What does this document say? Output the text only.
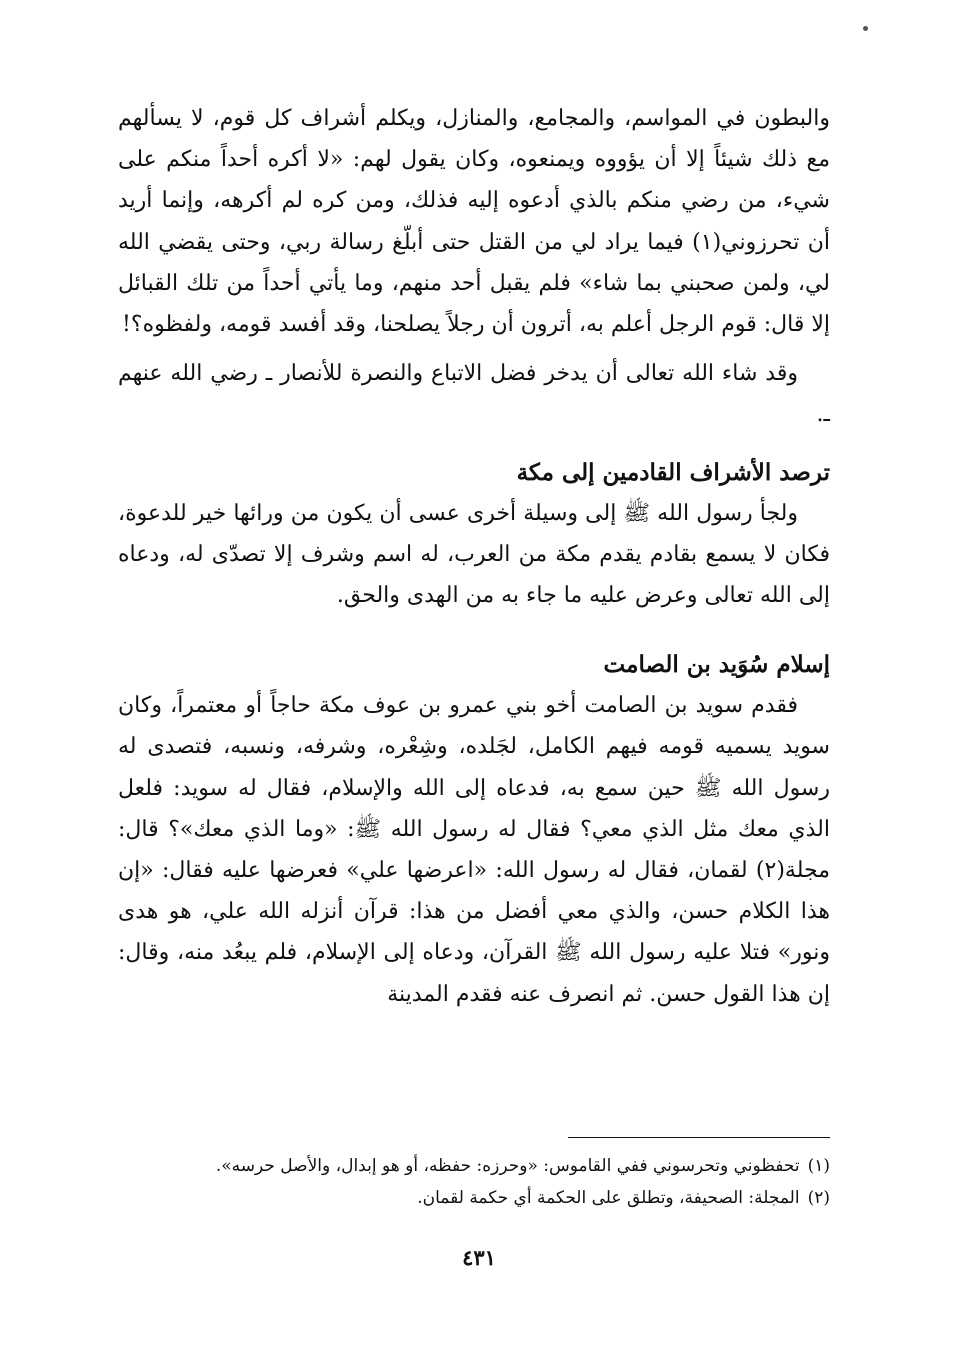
والبطون في المواسم، والمجامع، والمنازل، ويكلم أشراف كل قوم، لا يسألهم مع ذلك شيئاً إلا أن يؤووه ويمنعوه، وكان يقول لهم: «لا أكره أحداً منكم على شيء، من رضي منكم بالذي أدعوه إليه فذلك، ومن كره لم أكرهه، وإنما أريد أن تحرزوني(١) فيما يراد لي من القتل حتى أبلّغ رسالة ربي، وحتى يقضي الله لي، ولمن صحبني بما شاء» فلم يقبل أحد منهم، وما يأتي أحداً من تلك القبائل إلا قال: قوم الرجل أعلم به، أترون أن رجلاً يصلحنا، وقد أفسد قومه، ولفظوه؟!

وقد شاء الله تعالى أن يدخر فضل الاتباع والنصرة للأنصار ـ رضي الله عنهم ـ.

ترصد الأشراف القادمين إلى مكة

ولجأ رسول الله ﷺ إلى وسيلة أخرى عسى أن يكون من ورائها خير للدعوة، فكان لا يسمع بقادم يقدم مكة من العرب، له اسم وشرف إلا تصدّى له، ودعاه إلى الله تعالى وعرض عليه ما جاء به من الهدى والحق.

إسلام سُوَيد بن الصامت

فقدم سويد بن الصامت أخو بني عمرو بن عوف مكة حاجاً أو معتمراً، وكان سويد يسميه قومه فيهم الكامل، لجَلده، وشِعْره، وشرفه، ونسبه، فتصدى له رسول الله ﷺ حين سمع به، فدعاه إلى الله والإسلام، فقال له سويد: فلعل الذي معك مثل الذي معي؟ فقال له رسول الله ﷺ: «وما الذي معك»؟ قال: مجلة(٢) لقمان، فقال له رسول الله: «اعرضها علي» فعرضها عليه فقال: «إن هذا الكلام حسن، والذي معي أفضل من هذا: قرآن أنزله الله علي، هو هدى ونور» فتلا عليه رسول الله ﷺ القرآن، ودعاه إلى الإسلام، فلم يبعُد منه، وقال: إن هذا القول حسن. ثم انصرف عنه فقدم المدينة

(١)تحفظوني وتحرسوني ففي القاموس: «وحرزه: حفظه، أو هو إبدال، والأصل حرسه».

(٢)المجلة: الصحيفة، وتطلق على الحكمة أي حكمة لقمان.

٤٣١
